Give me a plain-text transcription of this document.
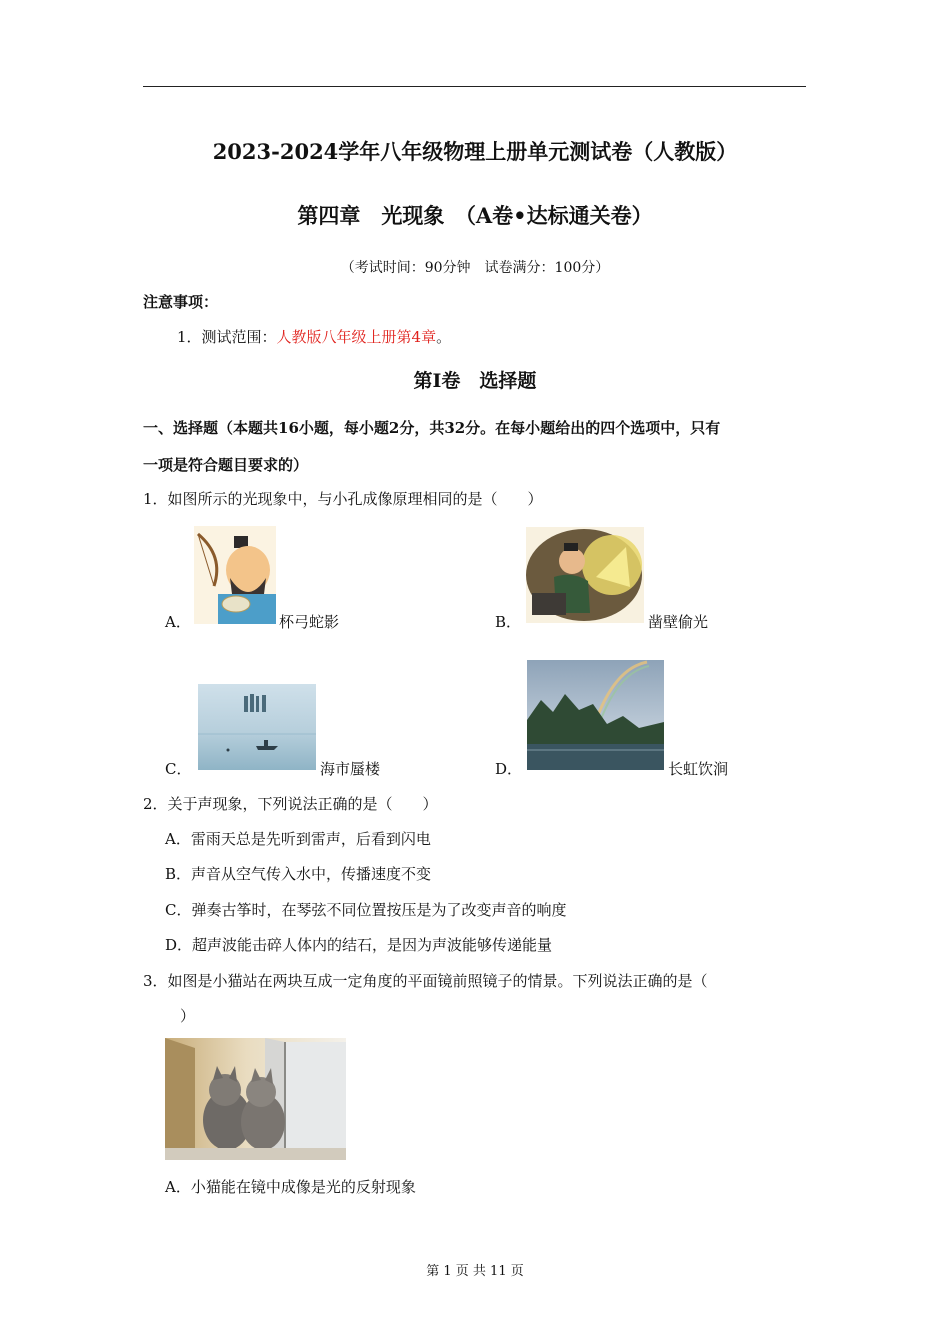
2023-2024学年八年级物理上册单元测试卷（人教版）
第四章　光现象　（A卷•达标通关卷）
（考试时间：90分钟　试卷满分：100分）
注意事项：
1．测试范围：人教版八年级上册第4章。
第Ⅰ卷　选择题
一、选择题（本题共16小题，每小题2分，共32分。在每小题给出的四个选项中，只有
一项是符合题目要求的）
1．如图所示的光现象中，与小孔成像原理相同的是（　　）
A．	杯弓蛇影	B．	凿壁偷光
C．	海市蜃楼	D．	长虹饮涧
2．关于声现象，下列说法正确的是（　　）
A．雷雨天总是先听到雷声，后看到闪电
B．声音从空气传入水中，传播速度不变
C．弹奏古筝时，在琴弦不同位置按压是为了改变声音的响度
D．超声波能击碎人体内的结石，是因为声波能够传递能量
3．如图是小猫站在两块互成一定角度的平面镜前照镜子的情景。下列说法正确的是（
）
A．小猫能在镜中成像是光的反射现象
第 1 页 共 11 页
